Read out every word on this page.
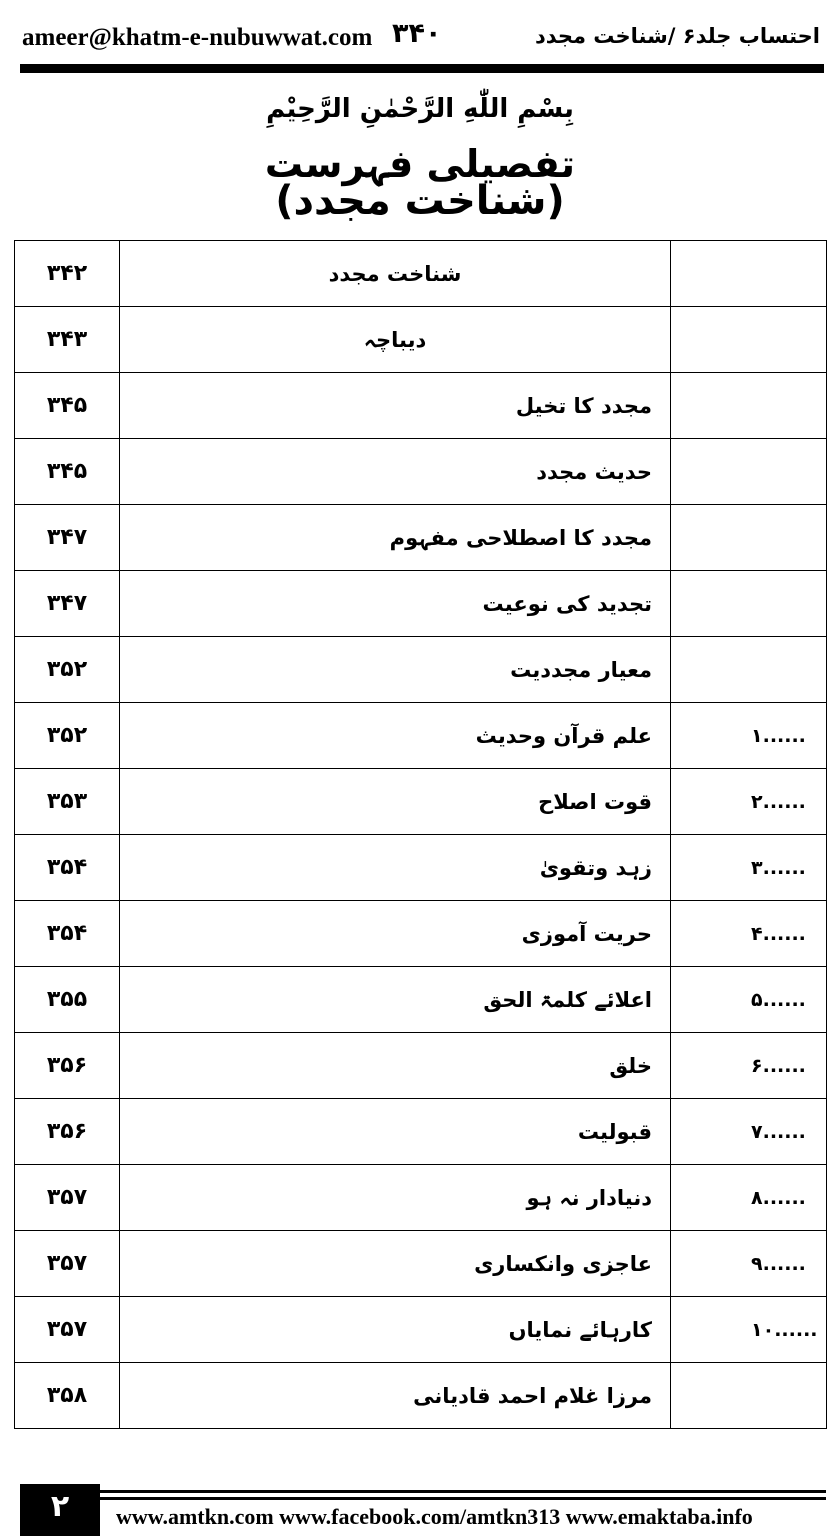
ameer@khatm-e-nubuwwat.com ۳۴۰	احتساب جلد۶ /شناخت مجدد
بِسْمِ اللّٰهِ الرَّحْمٰنِ الرَّحِيْمِ
تفصیلی فہرست
(شناخت مجدد)
۳۴۲	شناخت مجدد	
۳۴۳	دیباچہ	
۳۴۵	مجدد کا تخیل	
۳۴۵	حدیث مجدد	
۳۴۷	مجدد کا اصطلاحی مفہوم	
۳۴۷	تجدید کی نوعیت	
۳۵۲	معیار مجددیت	
۳۵۲	علم قرآن وحدیث	۱......
۳۵۳	قوت اصلاح	۲......
۳۵۴	زہد وتقویٰ	۳......
۳۵۴	حریت آموزی	۴......
۳۵۵	اعلائے کلمۃ الحق	۵......
۳۵۶	خلق	۶......
۳۵۶	قبولیت	۷......
۳۵۷	دنیادار نہ ہو	۸......
۳۵۷	عاجزی وانکساری	۹......
۳۵۷	کارہائے نمایاں	۱۰......
۳۵۸	مرزا غلام احمد قادیانی	
۲	www.amtkn.com www.facebook.com/amtkn313 www.emaktaba.info
